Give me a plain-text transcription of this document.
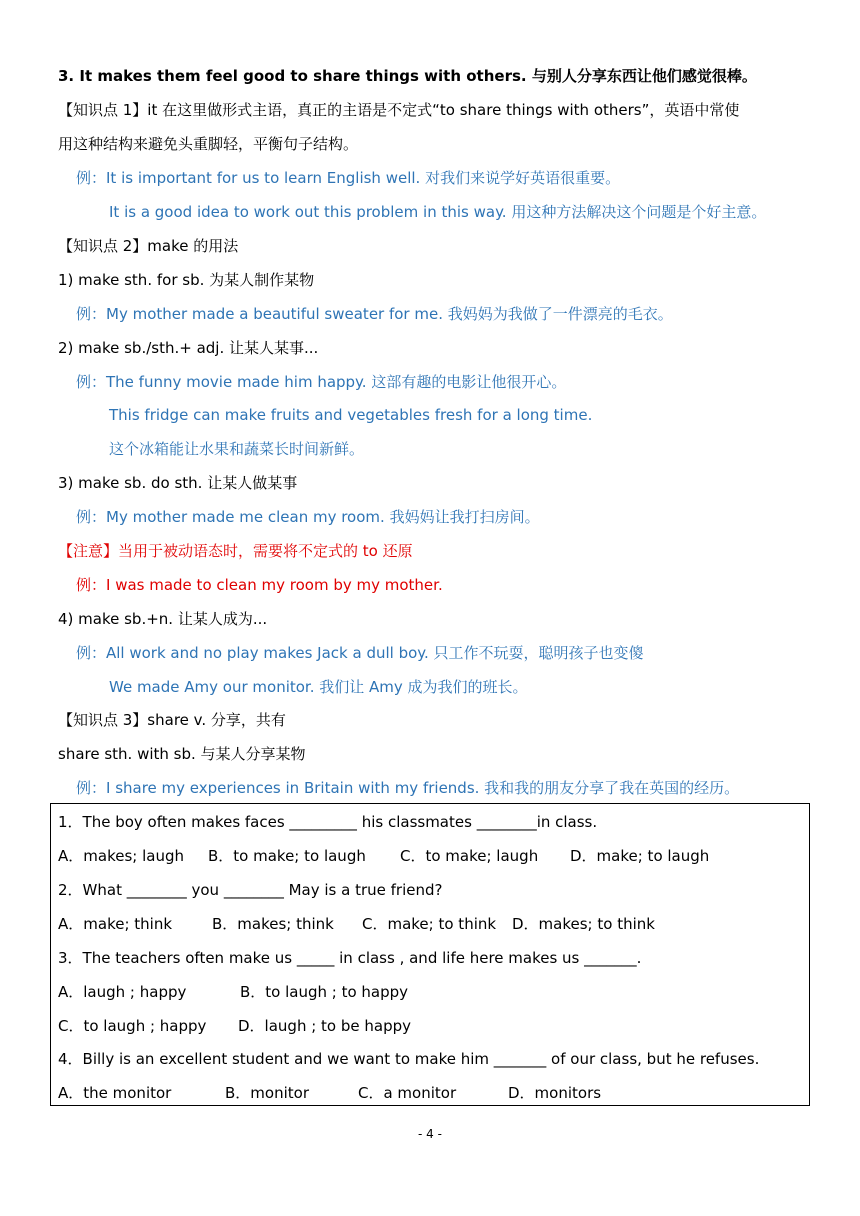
3. It makes them feel good to share things with others. 与别人分享东西让他们感觉很棒。
【知识点 1】it 在这里做形式主语，真正的主语是不定式“to share things with others”，英语中常使
用这种结构来避免头重脚轻，平衡句子结构。
例：It is important for us to learn English well. 对我们来说学好英语很重要。
It is a good idea to work out this problem in this way. 用这种方法解决这个问题是个好主意。
【知识点 2】make 的用法
1) make sth. for sb. 为某人制作某物
例：My mother made a beautiful sweater for me. 我妈妈为我做了一件漂亮的毛衣。
2) make sb./sth.+ adj. 让某人某事...
例：The funny movie made him happy. 这部有趣的电影让他很开心。
This fridge can make fruits and vegetables fresh for a long time.
这个冰箱能让水果和蔬菜长时间新鲜。
3) make sb. do sth. 让某人做某事
例：My mother made me clean my room. 我妈妈让我打扫房间。
【注意】当用于被动语态时，需要将不定式的 to 还原
例：I was made to clean my room by my mother.
4) make sb.+n. 让某人成为...
例：All work and no play makes Jack a dull boy. 只工作不玩耍，聪明孩子也变傻
We made Amy our monitor. 我们让 Amy 成为我们的班长。
【知识点 3】share v. 分享，共有
share sth. with sb. 与某人分享某物
例：I share my experiences in Britain with my friends. 我和我的朋友分享了我在英国的经历。
1．The boy often makes faces _________ his classmates ________in class.
A．makes; laugh B．to make; to laugh C．to make; laugh D．make; to laugh
2．What ________ you ________ May is a true friend?
A．make; think	B．makes; think C．make; to think D．makes; to think
3．The teachers often make us _____ in class , and life here makes us _______.
A．laugh ; happy	B．to laugh ; to happy
C．to laugh ; happy D．laugh ; to be happy
4．Billy is an excellent student and we want to make him _______ of our class, but he refuses.
A．the monitor	B．monitor	C．a monitor	D．monitors
- 4 -
